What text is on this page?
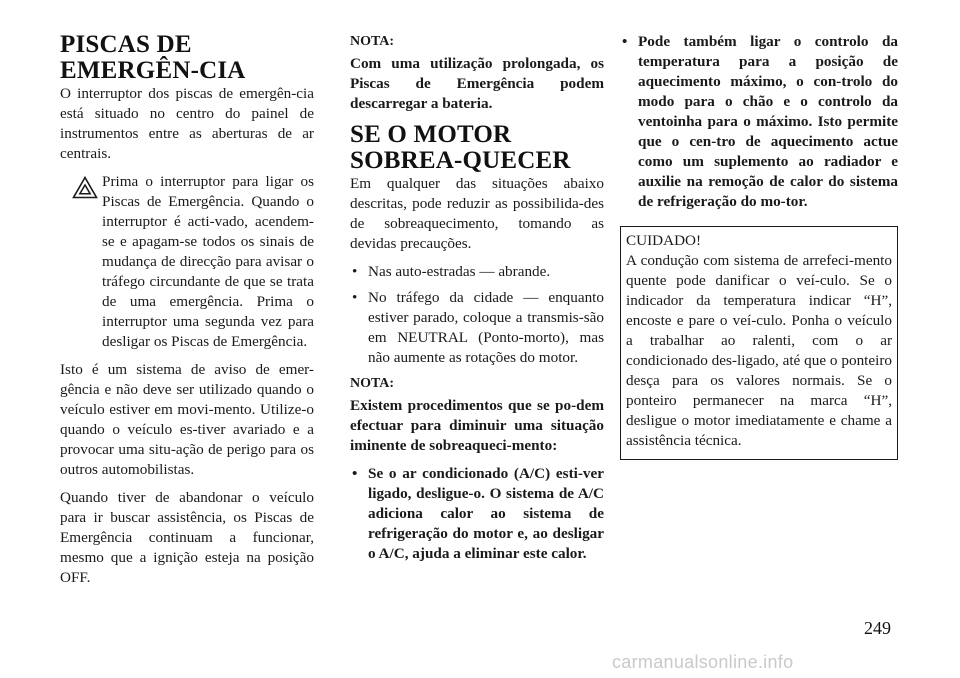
PISCAS DE EMERGÊN-CIA

O interruptor dos piscas de emergên-cia está situado no centro do painel de instrumentos entre as aberturas de ar centrais.

Prima o interruptor para ligar os Piscas de Emergência. Quando o interruptor é acti-vado, acendem-se e apagam-se todos os sinais de mudança de direcção para avisar o tráfego circundante de que se trata de uma emergência. Prima o interruptor uma segunda vez para desligar os Piscas de Emergência.

Isto é um sistema de aviso de emer-gência e não deve ser utilizado quando o veículo estiver em movi-mento. Utilize-o quando o veículo es-tiver avariado e a provocar uma situ-ação de perigo para os outros automobilistas.

Quando tiver de abandonar o veículo para ir buscar assistência, os Piscas de Emergência continuam a funcionar, mesmo que a ignição esteja na posição OFF.

NOTA:

Com uma utilização prolongada, os Piscas de Emergência podem descarregar a bateria.

SE O MOTOR SOBREA-QUECER

Em qualquer das situações abaixo descritas, pode reduzir as possibilida-des de sobreaquecimento, tomando as devidas precauções.

• Nas auto-estradas — abrande.
• No tráfego da cidade — enquanto estiver parado, coloque a transmis-são em NEUTRAL (Ponto-morto), mas não aumente as rotações do motor.

NOTA:

Existem procedimentos que se po-dem efectuar para diminuir uma situação iminente de sobreaqueci-mento:

• Se o ar condicionado (A/C) esti-ver ligado, desligue-o. O sistema de A/C adiciona calor ao sistema de refrigeração do motor e, ao desligar o A/C, ajuda a eliminar este calor.
• Pode também ligar o controlo da temperatura para a posição de aquecimento máximo, o con-trolo do modo para o chão e o controlo da ventoinha para o máximo. Isto permite que o cen-tro de aquecimento actue como um suplemento ao radiador e auxilie na remoção de calor do sistema de refrigeração do mo-tor.
CUIDADO!

A condução com sistema de arrefeci-mento quente pode danificar o veí-culo. Se o indicador da temperatura indicar “H”, encoste e pare o veí-culo. Ponha o veículo a trabalhar ao ralenti, com o ar condicionado des-ligado, até que o ponteiro desça para os valores normais. Se o ponteiro permanecer na marca “H”, desligue o motor imediatamente e chame a assistência técnica.

249
carmanualsonline.info
